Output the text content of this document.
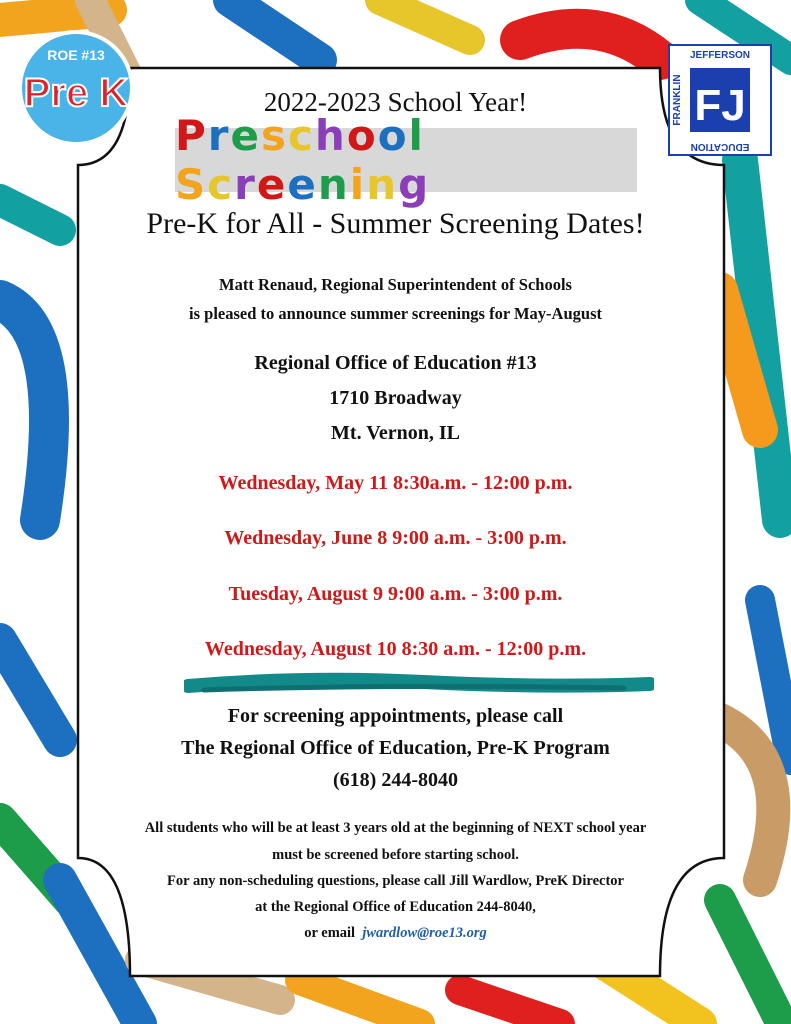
ROE #13
Pre K
JEFFERSON
EDUCATION
FRANKLIN FJ
2022-2023 School Year!
Preschool Screening
Pre-K for All - Summer Screening Dates!
Matt Renaud, Regional Superintendent of Schools
is pleased to announce summer screenings for May-August
Regional Office of Education #13
1710 Broadway
Mt. Vernon, IL
Wednesday, May 11 8:30a.m. - 12:00 p.m.
Wednesday, June 8 9:00 a.m. - 3:00 p.m.
Tuesday, August 9 9:00 a.m. - 3:00 p.m.
Wednesday, August 10 8:30 a.m. - 12:00 p.m.
For screening appointments, please call
The Regional Office of Education, Pre-K Program
(618) 244-8040
All students who will be at least 3 years old at the beginning of NEXT school year
must be screened before starting school.
For any non-scheduling questions, please call Jill Wardlow, PreK Director
at the Regional Office of Education 244-8040,
or email jwardlow@roe13.org
